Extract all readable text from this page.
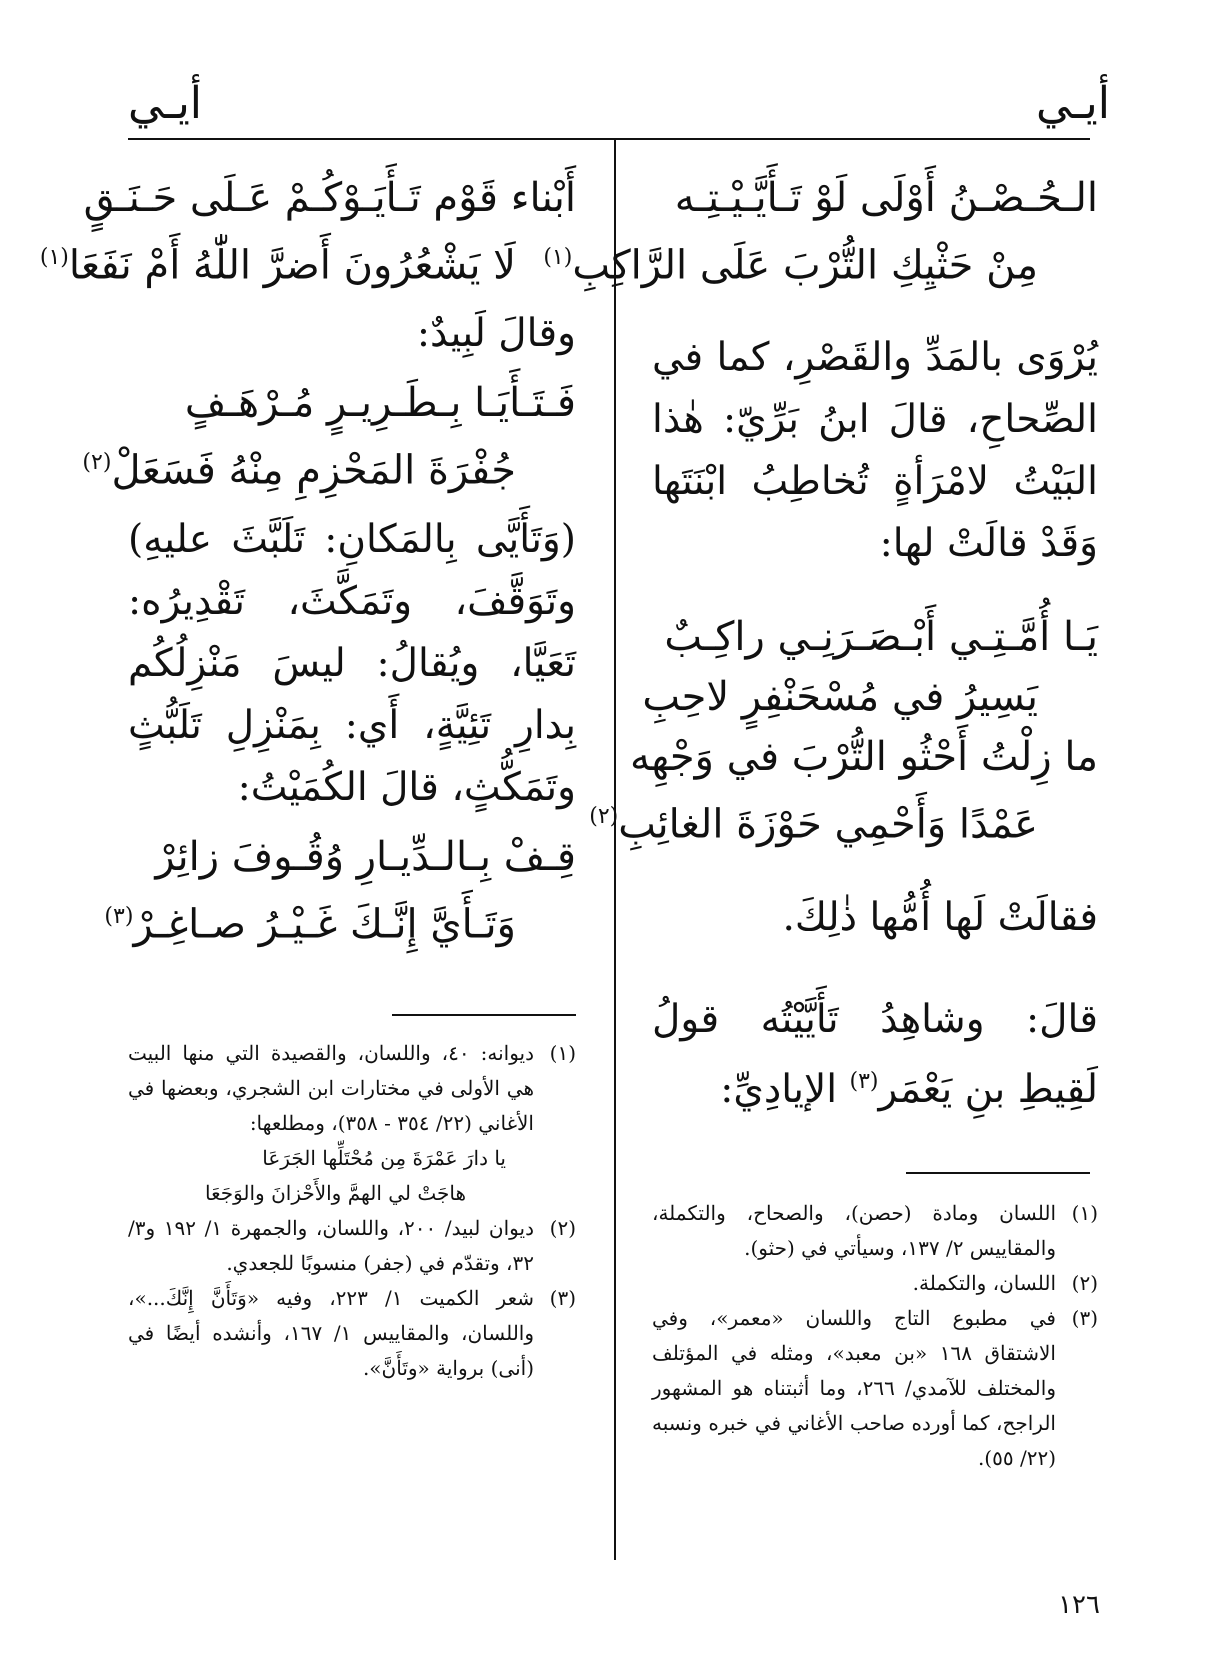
أيـي
أيـي
الـحُـصْـنُ أَوْلَى لَوْ تَـأَيَّـيْـتِـه
مِنْ حَثْيِكِ التُّرْبَ عَلَى الرَّاكِبِ$^{(١)}$
يُرْوَى بالمَدِّ والقَصْرِ، كما في الصِّحاحِ، قالَ ابنُ بَرِّيّ: هٰذا البَيْتُ لامْرَأةٍ تُخاطِبُ ابْنَتَها وَقَدْ قالَتْ لها:
يَـا أُمَّـتِـي أَبْـصَـرَنِـي راكِـبٌ
يَسِيرُ في مُسْحَنْفِرٍ لاحِبِ
ما زِلْتُ أَحْثُو التُّرْبَ في وَجْهِه
عَمْدًا وَأَحْمِي حَوْزَةَ الغائِبِ$^{(٢)}$
فقالَتْ لَها أُمُّها ذٰلِكَ.
قالَ: وشاهِدُ تَأَيَّيْتُه قولُ لَقِيطِ بنِ يَعْمَر$^{(٣)}$ الإيادِيِّ:
أَبْناء قَوْم تَـأَيَـوْكُـمْ عَـلَى حَـنَـقٍ
لَا يَشْعُرُونَ أَضرَّ اللّٰهُ أَمْ نَفَعَا$^{(١)}$
وقالَ لَبِيدٌ:
فَـتَـأَيَـا بِـطَـرِيـرٍ مُـرْهَـفٍ
جُفْرَةَ المَحْزِمِ مِنْهُ فَسَعَلْ$^{(٢)}$
(وَتَأَيَّى بِالمَكانِ: تَلَبَّثَ عليهِ) وتَوَقَّفَ، وتَمَكَّثَ، تَقْدِيرُه: تَعَيَّا، ويُقالُ: ليسَ مَنْزِلُكُم بِدارِ تَئِيَّةٍ، أَي: بِمَنْزِلِ تَلَبُّثٍ وتَمَكُّثٍ، قالَ الكُمَيْتُ:
قِـفْ بِـالـدِّيـارِ وُقُـوفَ زائِرْ
وَتَـأَيَّ إِنَّـكَ غَـيْـرُ صـاغِـرْ$^{(٣)}$
(١)
اللسان ومادة (حصن)، والصحاح، والتكملة، والمقاييس ٢/ ١٣٧، وسيأتي في (حثو).
(٢)
اللسان، والتكملة.
(٣)
في مطبوع التاج واللسان «معمر»، وفي الاشتقاق ١٦٨ «بن معبد»، ومثله في المؤتلف والمختلف للآمدي/ ٢٦٦، وما أثبتناه هو المشهور الراجح، كما أورده صاحب الأغاني في خبره ونسبه (٢٢/ ٥٥).
(١)
ديوانه: ٤٠، واللسان، والقصيدة التي منها البيت هي الأولى في مختارات ابن الشجري، وبعضها في الأغاني (٢٢/ ٣٥٤ - ٣٥٨)، ومطلعها:
يا دارَ عَمْرَةَ مِن مُحْتَلِّها الجَرَعَا
هاجَتْ لي الهمَّ والأَحْزانَ والوَجَعَا
(٢)
ديوان لبيد/ ٢٠٠، واللسان، والجمهرة ١/ ١٩٢ و٣/ ٣٢، وتقدّم في (جفر) منسوبًا للجعدي.
(٣)
شعر الكميت ١/ ٢٢٣، وفيه «وَتَأَنَّ إِنَّكَ...»، واللسان، والمقاييس ١/ ١٦٧، وأنشده أيضًا في (أنى) برواية «وتَأَنَّ».
١٢٦
